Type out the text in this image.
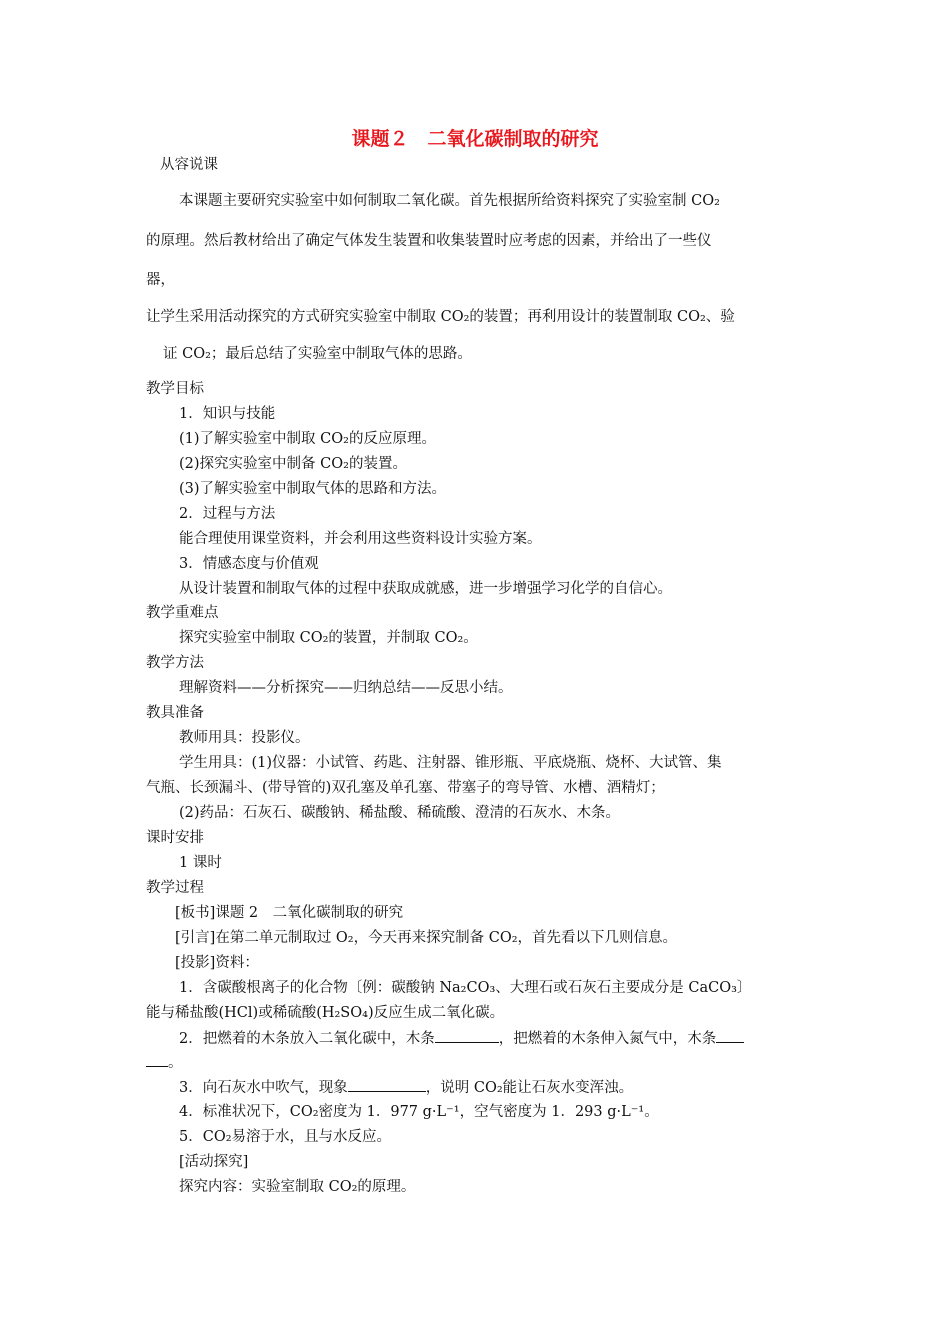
课题２　二氧化碳制取的研究
从容说课
本课题主要研究实验室中如何制取二氧化碳。首先根据所给资料探究了实验室制 CO₂
的原理。然后教材给出了确定气体发生装置和收集装置时应考虑的因素，并给出了一些仪
器，
让学生采用活动探究的方式研究实验室中制取 CO₂的装置；再利用设计的装置制取 CO₂、验
证 CO₂；最后总结了实验室中制取气体的思路。
教学目标
1．知识与技能
(1)了解实验室中制取 CO₂的反应原理。
(2)探究实验室中制备 CO₂的装置。
(3)了解实验室中制取气体的思路和方法。
2．过程与方法
能合理使用课堂资料，并会利用这些资料设计实验方案。
3．情感态度与价值观
从设计装置和制取气体的过程中获取成就感，进一步增强学习化学的自信心。
教学重难点
探究实验室中制取 CO₂的装置，并制取 CO₂。
教学方法
理解资料——分析探究——归纳总结——反思小结。
教具准备
教师用具：投影仪。
学生用具：(1)仪器：小试管、药匙、注射器、锥形瓶、平底烧瓶、烧杯、大试管、集
气瓶、长颈漏斗、(带导管的)双孔塞及单孔塞、带塞子的弯导管、水槽、酒精灯；
(2)药品：石灰石、碳酸钠、稀盐酸、稀硫酸、澄清的石灰水、木条。
课时安排
1 课时
教学过程
[板书]课题 2　二氧化碳制取的研究
[引言]在第二单元制取过 O₂，今天再来探究制备 CO₂，首先看以下几则信息。
[投影]资料：
1．含碳酸根离子的化合物〔例：碳酸钠 Na₂CO₃、大理石或石灰石主要成分是 CaCO₃〕
能与稀盐酸(HCl)或稀硫酸(H₂SO₄)反应生成二氧化碳。
2．把燃着的木条放入二氧化碳中，木条	，把燃着的木条伸入氮气中，木条
。
3．向石灰水中吹气，现象	，说明 CO₂能让石灰水变浑浊。
4．标准状况下，CO₂密度为 1．977 g·L⁻¹，空气密度为 1．293 g·L⁻¹。
5．CO₂易溶于水，且与水反应。
[活动探究]
探究内容：实验室制取 CO₂的原理。
